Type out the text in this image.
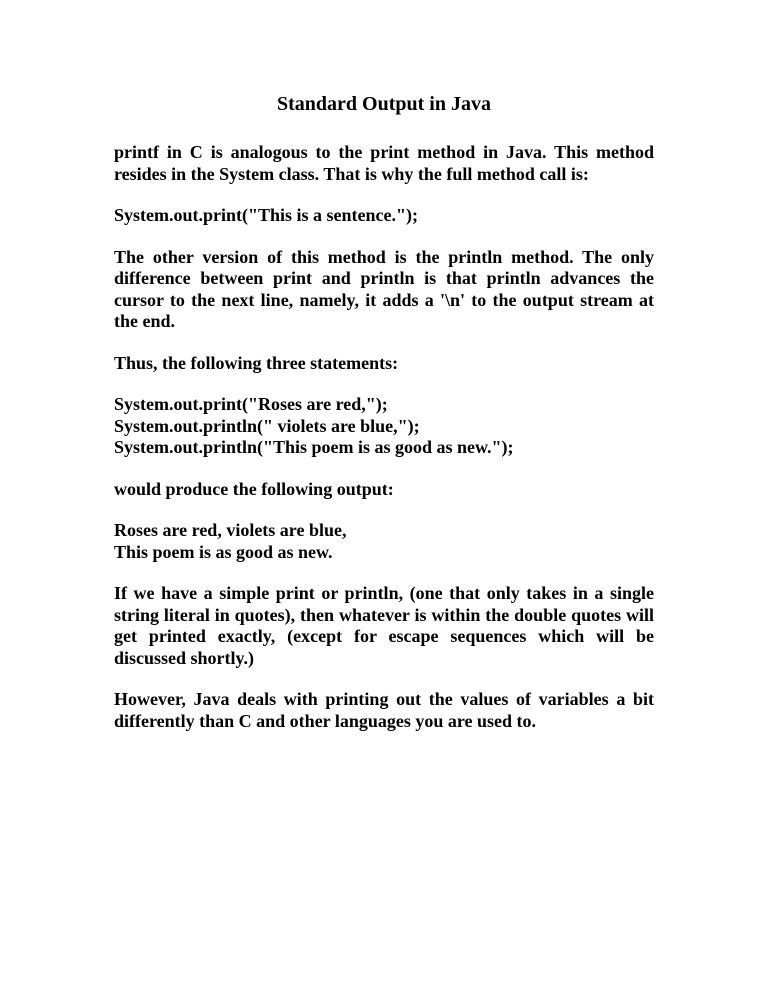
Standard Output in Java
printf in C is analogous to the print method in Java. This method resides in the System class. That is why the full method call is:
System.out.print("This is a sentence.");
The other version of this method is the println method. The only difference between print and println is that println advances the cursor to the next line, namely, it adds a '\n' to the output stream at the end.
Thus, the following three statements:
System.out.print("Roses are red,");
System.out.println(" violets are blue,");
System.out.println("This poem is as good as new.");
would produce the following output:
Roses are red, violets are blue,
This poem is as good as new.
If we have a simple print or println, (one that only takes in a single string literal in quotes), then whatever is within the double quotes will get printed exactly, (except for escape sequences which will be discussed shortly.)
However, Java deals with printing out the values of variables a bit differently than C and other languages you are used to.
